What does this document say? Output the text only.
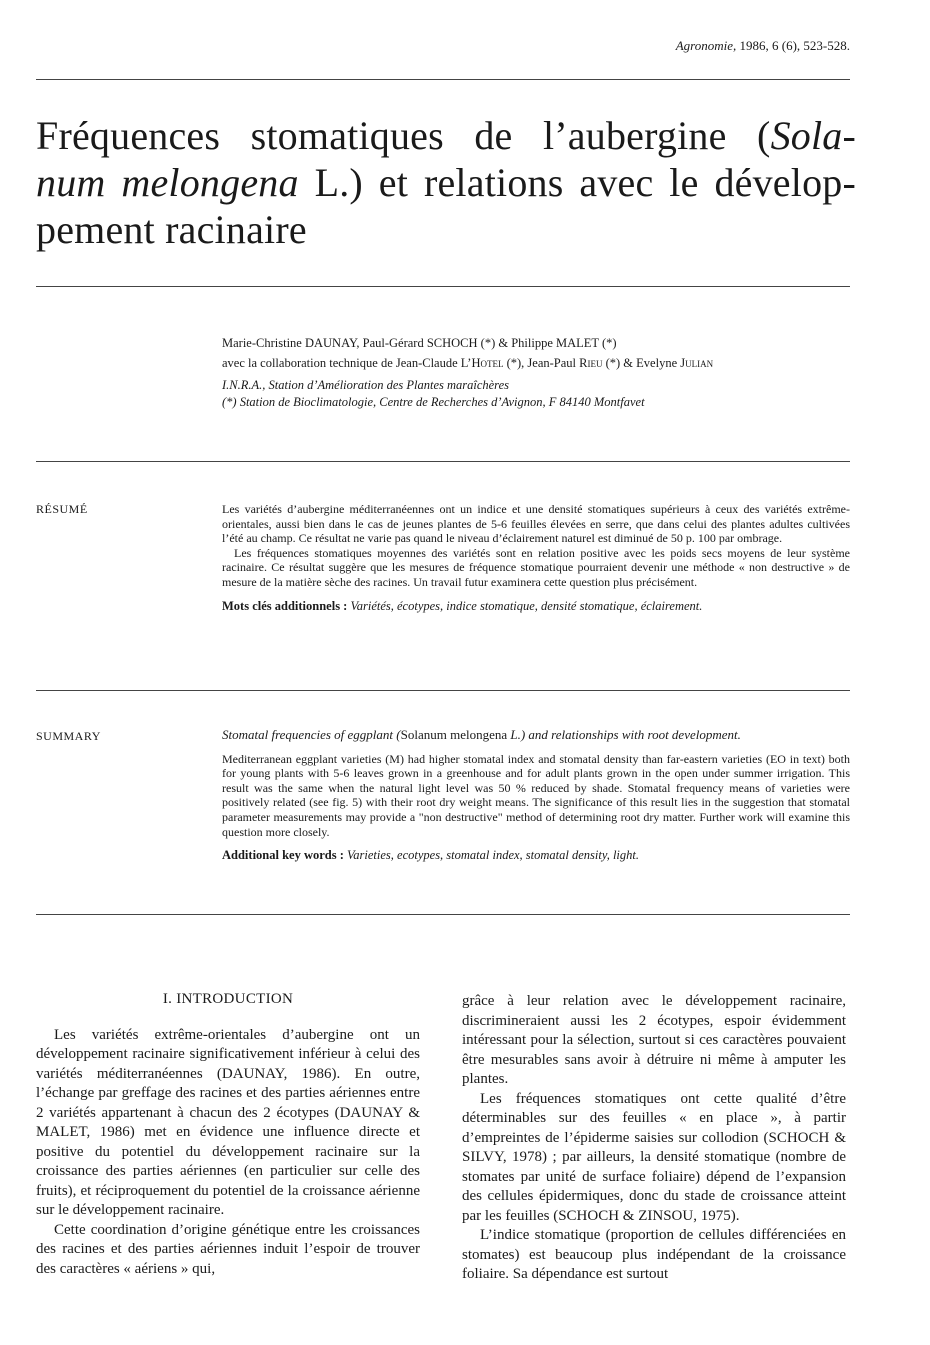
Agronomie, 1986, 6 (6), 523-528.
Fréquences stomatiques de l’aubergine (Sola-
num melongena L.) et relations avec le dévelop-
pement racinaire
Marie-Christine DAUNAY, Paul-Gérard SCHOCH (*) & Philippe MALET (*)
avec la collaboration technique de Jean-Claude L’Hotel (*), Jean-Paul Rieu (*) & Evelyne Julian
I.N.R.A., Station d’Amélioration des Plantes maraîchères
(*) Station de Bioclimatologie, Centre de Recherches d’Avignon, F 84140 Montfavet
RÉSUMÉ	Les variétés d’aubergine méditerranéennes ont un indice et une densité stomatiques supérieurs à ceux des variétés extrême-orientales, aussi bien dans le cas de jeunes plantes de 5-6 feuilles élevées en serre, que dans celui des plantes adultes cultivées l’été au champ. Ce résultat ne varie pas quand le niveau d’éclairement naturel est diminué de 50 p. 100 par ombrage.

Les fréquences stomatiques moyennes des variétés sont en relation positive avec les poids secs moyens de leur système racinaire. Ce résultat suggère que les mesures de fréquence stomatique pourraient devenir une méthode « non destructive » de mesure de la matière sèche des racines. Un travail futur examinera cette question plus précisément.

Mots clés additionnels : Variétés, écotypes, indice stomatique, densité stomatique, éclairement.

SUMMARY	Stomatal frequencies of eggplant (Solanum melongena L.) and relationships with root development.

Mediterranean eggplant varieties (M) had higher stomatal index and stomatal density than far-eastern varieties (EO in text) both for young plants with 5-6 leaves grown in a greenhouse and for adult plants grown in the open under summer irrigation. This result was the same when the natural light level was 50 % reduced by shade. Stomatal frequency means of varieties were positively related (see fig. 5) with their root dry weight means. The significance of this result lies in the suggestion that stomatal parameter measurements may provide a "non destructive" method of determining root dry matter. Further work will examine this question more closely.

Additional key words : Varieties, ecotypes, stomatal index, stomatal density, light.

I. INTRODUCTION

Les variétés extrême-orientales d’aubergine ont un développement racinaire significativement inférieur à celui des variétés méditerranéennes (DAUNAY, 1986). En outre, l’échange par greffage des racines et des parties aériennes entre 2 variétés appartenant à chacun des 2 écotypes (DAUNAY & MALET, 1986) met en évidence une influence directe et positive du potentiel du développement racinaire sur la croissance des parties aériennes (en particulier sur celle des fruits), et réciproquement du potentiel de la croissance aérienne sur le développement racinaire.

Cette coordination d’origine génétique entre les croissances des racines et des parties aériennes induit l’espoir de trouver des caractères « aériens » qui,

grâce à leur relation avec le développement racinaire, discrimineraient aussi les 2 écotypes, espoir évidemment intéressant pour la sélection, surtout si ces caractères pouvaient être mesurables sans avoir à détruire ni même à amputer les plantes.

Les fréquences stomatiques ont cette qualité d’être déterminables sur des feuilles « en place », à partir d’empreintes de l’épiderme saisies sur collodion (SCHOCH & SILVY, 1978) ; par ailleurs, la densité stomatique (nombre de stomates par unité de surface foliaire) dépend de l’expansion des cellules épidermiques, donc du stade de croissance atteint par les feuilles (SCHOCH & ZINSOU, 1975).

L’indice stomatique (proportion de cellules différenciées en stomates) est beaucoup plus indépendant de la croissance foliaire. Sa dépendance est surtout
